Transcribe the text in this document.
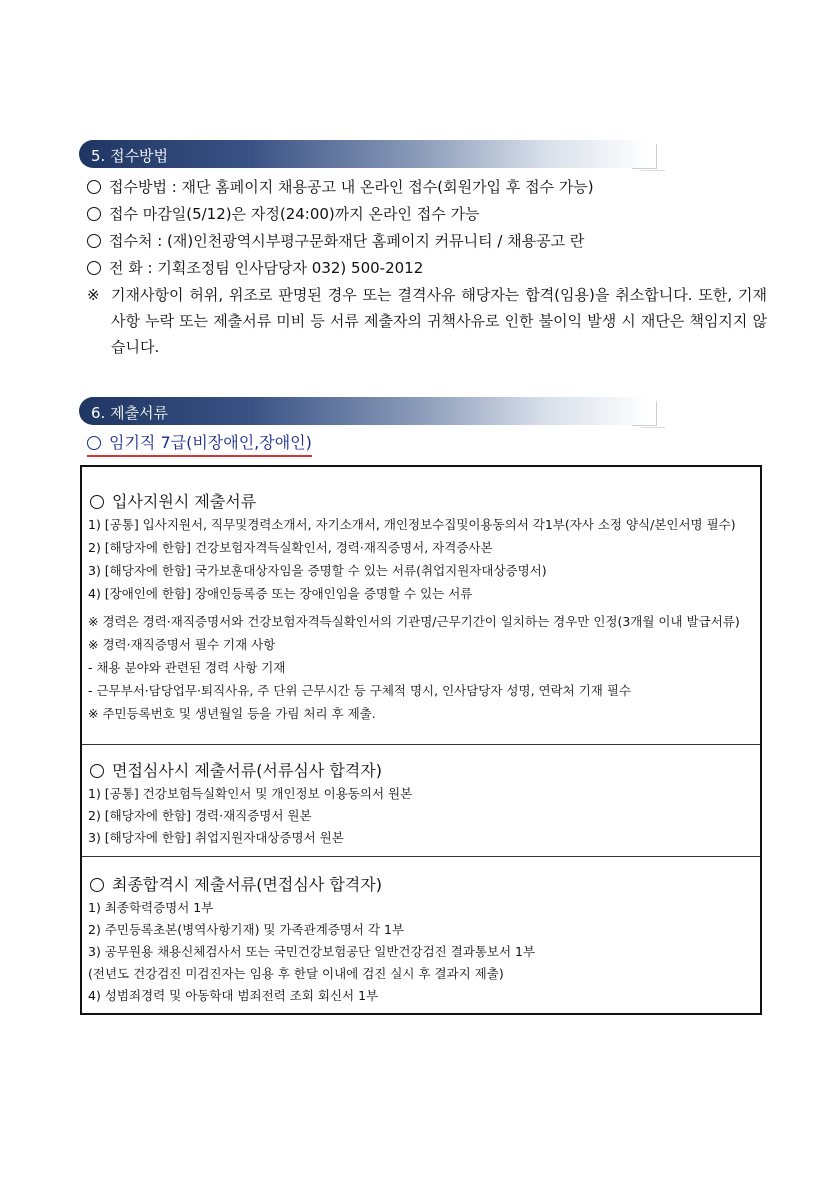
5. 접수방법
접수방법 : 재단 홈페이지 채용공고 내 온라인 접수(회원가입 후 접수 가능)
접수 마감일(5/12)은 자정(24:00)까지 온라인 접수 가능
접수처 : (재)인천광역시부평구문화재단 홈페이지 커뮤니티 / 채용공고 란
전 화 : 기획조정팀 인사담당자 032) 500-2012
※ 기재사항이 허위, 위조로 판명된 경우 또는 결격사유 해당자는 합격(임용)을 취소합니다. 또한, 기재사항 누락 또는 제출서류 미비 등 서류 제출자의 귀책사유로 인한 불이익 발생 시 재단은 책임지지 않습니다.
6. 제출서류
임기직 7급(비장애인,장애인)
입사지원시 제출서류
1) [공통] 입사지원서, 직무및경력소개서, 자기소개서, 개인정보수집및이용동의서 각1부(자사 소정 양식/본인서명 필수)
2) [해당자에 한함] 건강보험자격득실확인서, 경력·재직증명서, 자격증사본
3) [해당자에 한함] 국가보훈대상자임을 증명할 수 있는 서류(취업지원자대상증명서)
4) [장애인에 한함] 장애인등록증 또는 장애인임을 증명할 수 있는 서류
※ 경력은 경력·재직증명서와 건강보험자격득실확인서의 기관명/근무기간이 일치하는 경우만 인정(3개월 이내 발급서류)
※ 경력·재직증명서 필수 기재 사항
- 채용 분야와 관련된 경력 사항 기재
- 근무부서·담당업무·퇴직사유, 주 단위 근무시간 등 구체적 명시, 인사담당자 성명, 연락처 기재 필수
※ 주민등록번호 및 생년월일 등을 가림 처리 후 제출.
면접심사시 제출서류(서류심사 합격자)
1) [공통] 건강보험득실확인서 및 개인정보 이용동의서 원본
2) [해당자에 한함] 경력·재직증명서 원본
3) [해당자에 한함] 취업지원자대상증명서 원본
최종합격시 제출서류(면접심사 합격자)
1) 최종학력증명서 1부
2) 주민등록초본(병역사항기재) 및 가족관계증명서 각 1부
3) 공무원용 채용신체검사서 또는 국민건강보험공단 일반건강검진 결과통보서 1부
(전년도 건강검진 미검진자는 임용 후 한달 이내에 검진 실시 후 결과지 제출)
4) 성범죄경력 및 아동학대 범죄전력 조회 회신서 1부
